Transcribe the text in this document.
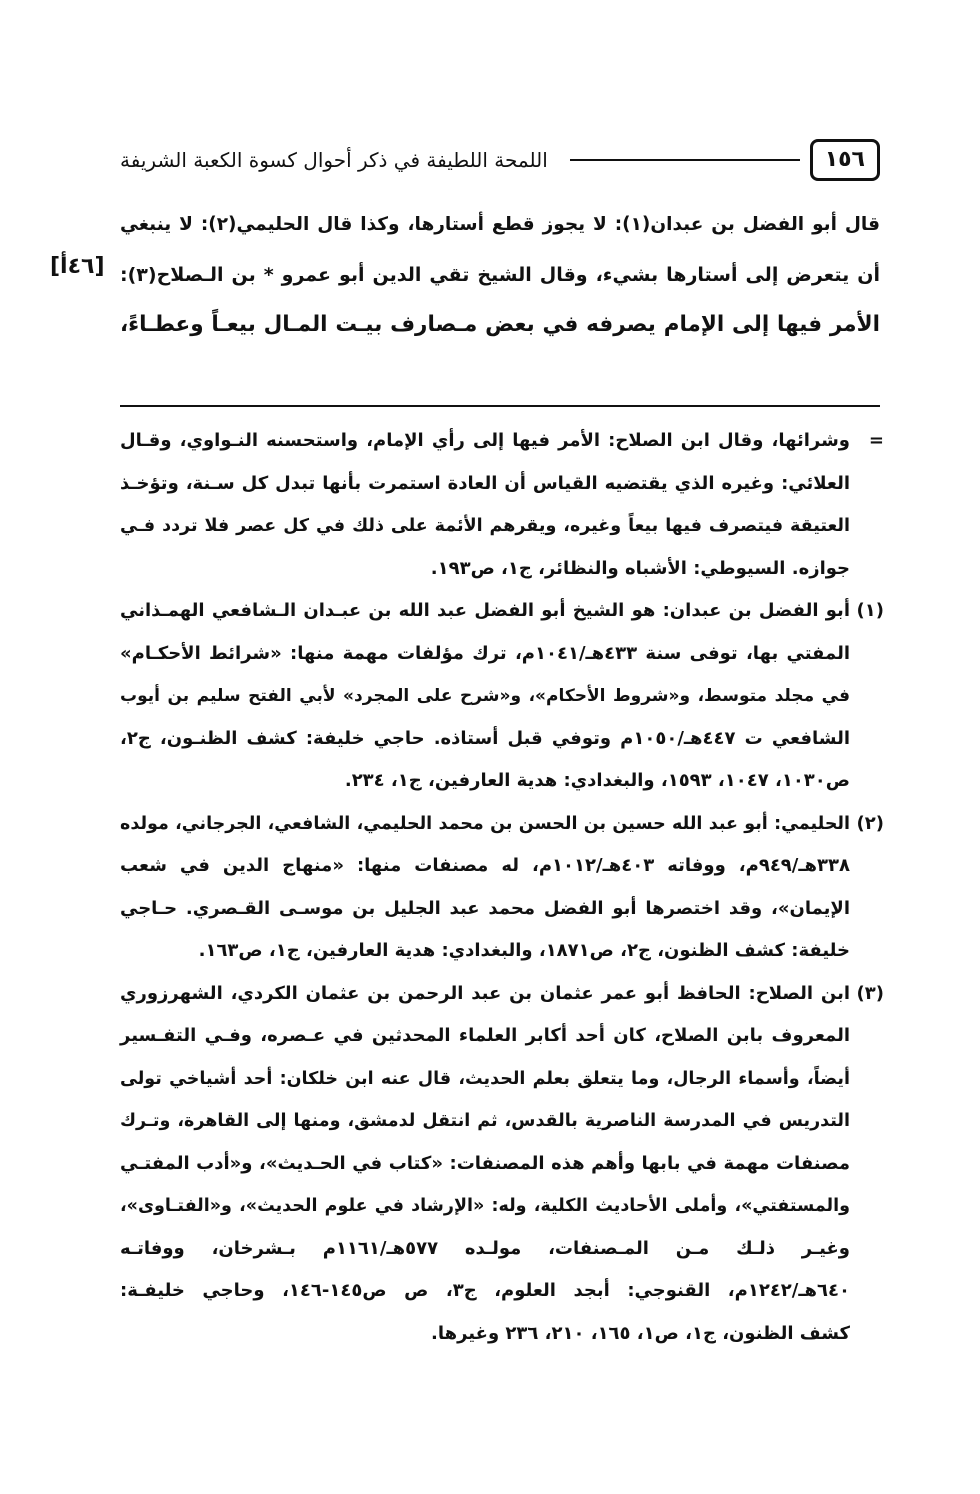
١٥٦
اللمحة اللطيفة في ذكر أحوال كسوة الكعبة الشريفة
قال أبو الفضل بن عبدان(١): لا يجوز قطع أستارها، وكذا قال الحليمي(٢): لا ينبغي
أن يتعرض إلى أستارها بشيء، وقال الشيخ تقي الدين أبو عمرو * بن الـصلاح(٣):
الأمر فيها إلى الإمام يصرفه في بعض مـصارف بيـت المـال بيعـاً وعطـاءً،
[٤٦أ]
=
وشرائها، وقال ابن الصلاح: الأمر فيها إلى رأي الإمام، واستحسنه النـواوي، وقـال
العلائي: وغيره الذي يقتضيه القياس أن العادة استمرت بأنها تبدل كل سـنة، وتؤخـذ
العتيقة فيتصرف فيها بيعاً وغيره، ويقرهم الأئمة على ذلك في كل عصر فلا تردد فـي
جوازه. السيوطي: الأشباه والنظائر، ج١، ص١٩٣.
(١)
أبو الفضل بن عبدان: هو الشيخ أبو الفضل عبد الله بن عبـدان الـشافعي الهمـذاني
المفتي بها، توفى سنة ٤٣٣هـ/١٠٤١م، ترك مؤلفات مهمة منها: «شرائط الأحكـام»
في مجلد متوسط، و«شروط الأحكام»، و«شرح على المجرد» لأبي الفتح سليم بن أيوب
الشافعي ت ٤٤٧هـ/١٠٥٠م وتوفي قبل أستاذه. حاجي خليفة: كشف الظنـون، ج٢،
ص١٠٣٠، ١٠٤٧، ١٥٩٣، والبغدادي: هدية العارفين، ج١، ٢٣٤.
(٢)
الحليمي: أبو عبد الله حسين بن الحسن بن محمد الحليمي، الشافعي، الجرجاني، مولده
٣٣٨هـ/٩٤٩م، ووفاته ٤٠٣هـ/١٠١٢م، له مصنفات منها: «منهاج الدين في شعب
الإيمان»، وقد اختصرها أبو الفضل محمد عبد الجليل بن موسـى القـصري. حـاجي
خليفة: كشف الظنون، ج٢، ص١٨٧١، والبغدادي: هدية العارفين، ج١، ص١٦٣.
(٣)
ابن الصلاح: الحافظ أبو عمر عثمان بن عبد الرحمن بن عثمان الكردي، الشهرزوري
المعروف بابن الصلاح، كان أحد أكابر العلماء المحدثين في عـصره، وفـي التفـسير
أيضاً، وأسماء الرجال، وما يتعلق بعلم الحديث، قال عنه ابن خلكان: أحد أشياخي تولى
التدريس في المدرسة الناصرية بالقدس، ثم انتقل لدمشق، ومنها إلى القاهرة، وتـرك
مصنفات مهمة في بابها وأهم هذه المصنفات: «كتاب في الحـديث»، و«أدب المفتـي
والمستفتي»، وأملى الأحاديث الكلية، وله: «الإرشاد في علوم الحديث»، و«الفتـاوى»،
وغيـر ذلـك مـن المـصنفات، مولـده ٥٧٧هـ/١١٦١م بـشرخان، ووفاتـه
٦٤٠هـ/١٢٤٢م، القنوجي: أبجد العلوم، ج٣، ص ص١٤٥-١٤٦، وحاجي خليفـة:
كشف الظنون، ج١، ص١، ١٦٥، ٢١٠، ٢٣٦ وغيرها.
